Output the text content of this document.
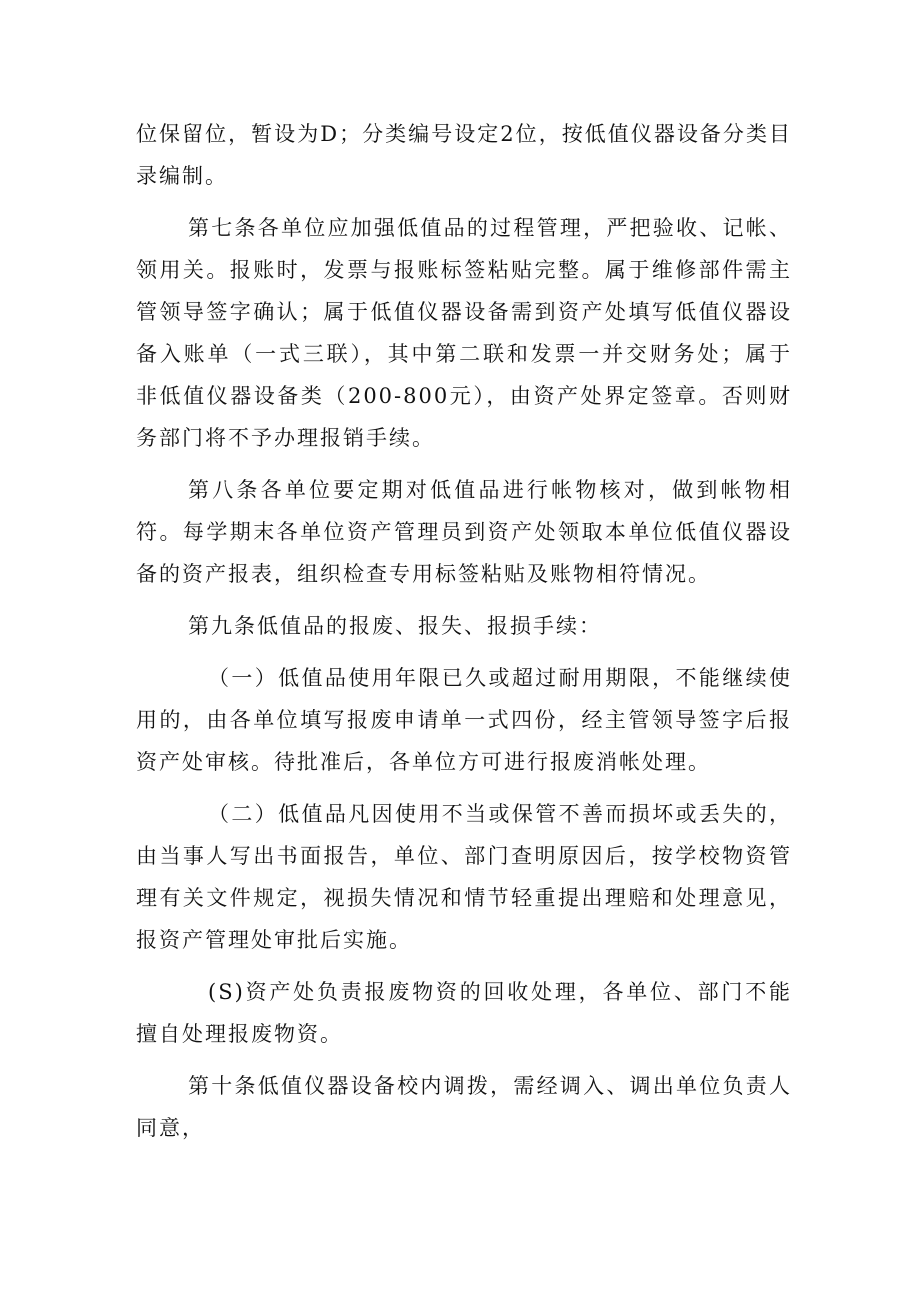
位保留位，暂设为D；分类编号设定2位，按低值仪器设备分类目录编制。

第七条各单位应加强低值品的过程管理，严把验收、记帐、领用关。报账时，发票与报账标签粘贴完整。属于维修部件需主管领导签字确认；属于低值仪器设备需到资产处填写低值仪器设备入账单（一式三联），其中第二联和发票一并交财务处；属于非低值仪器设备类（200-800元），由资产处界定签章。否则财务部门将不予办理报销手续。

第八条各单位要定期对低值品进行帐物核对，做到帐物相符。每学期末各单位资产管理员到资产处领取本单位低值仪器设备的资产报表，组织检查专用标签粘贴及账物相符情况。

第九条低值品的报废、报失、报损手续：

（一）低值品使用年限已久或超过耐用期限，不能继续使用的，由各单位填写报废申请单一式四份，经主管领导签字后报资产处审核。待批准后，各单位方可进行报废消帐处理。

（二）低值品凡因使用不当或保管不善而损坏或丢失的，由当事人写出书面报告，单位、部门查明原因后，按学校物资管理有关文件规定，视损失情况和情节轻重提出理赔和处理意见，报资产管理处审批后实施。

(S)资产处负责报废物资的回收处理，各单位、部门不能擅自处理报废物资。

第十条低值仪器设备校内调拨，需经调入、调出单位负责人同意，
